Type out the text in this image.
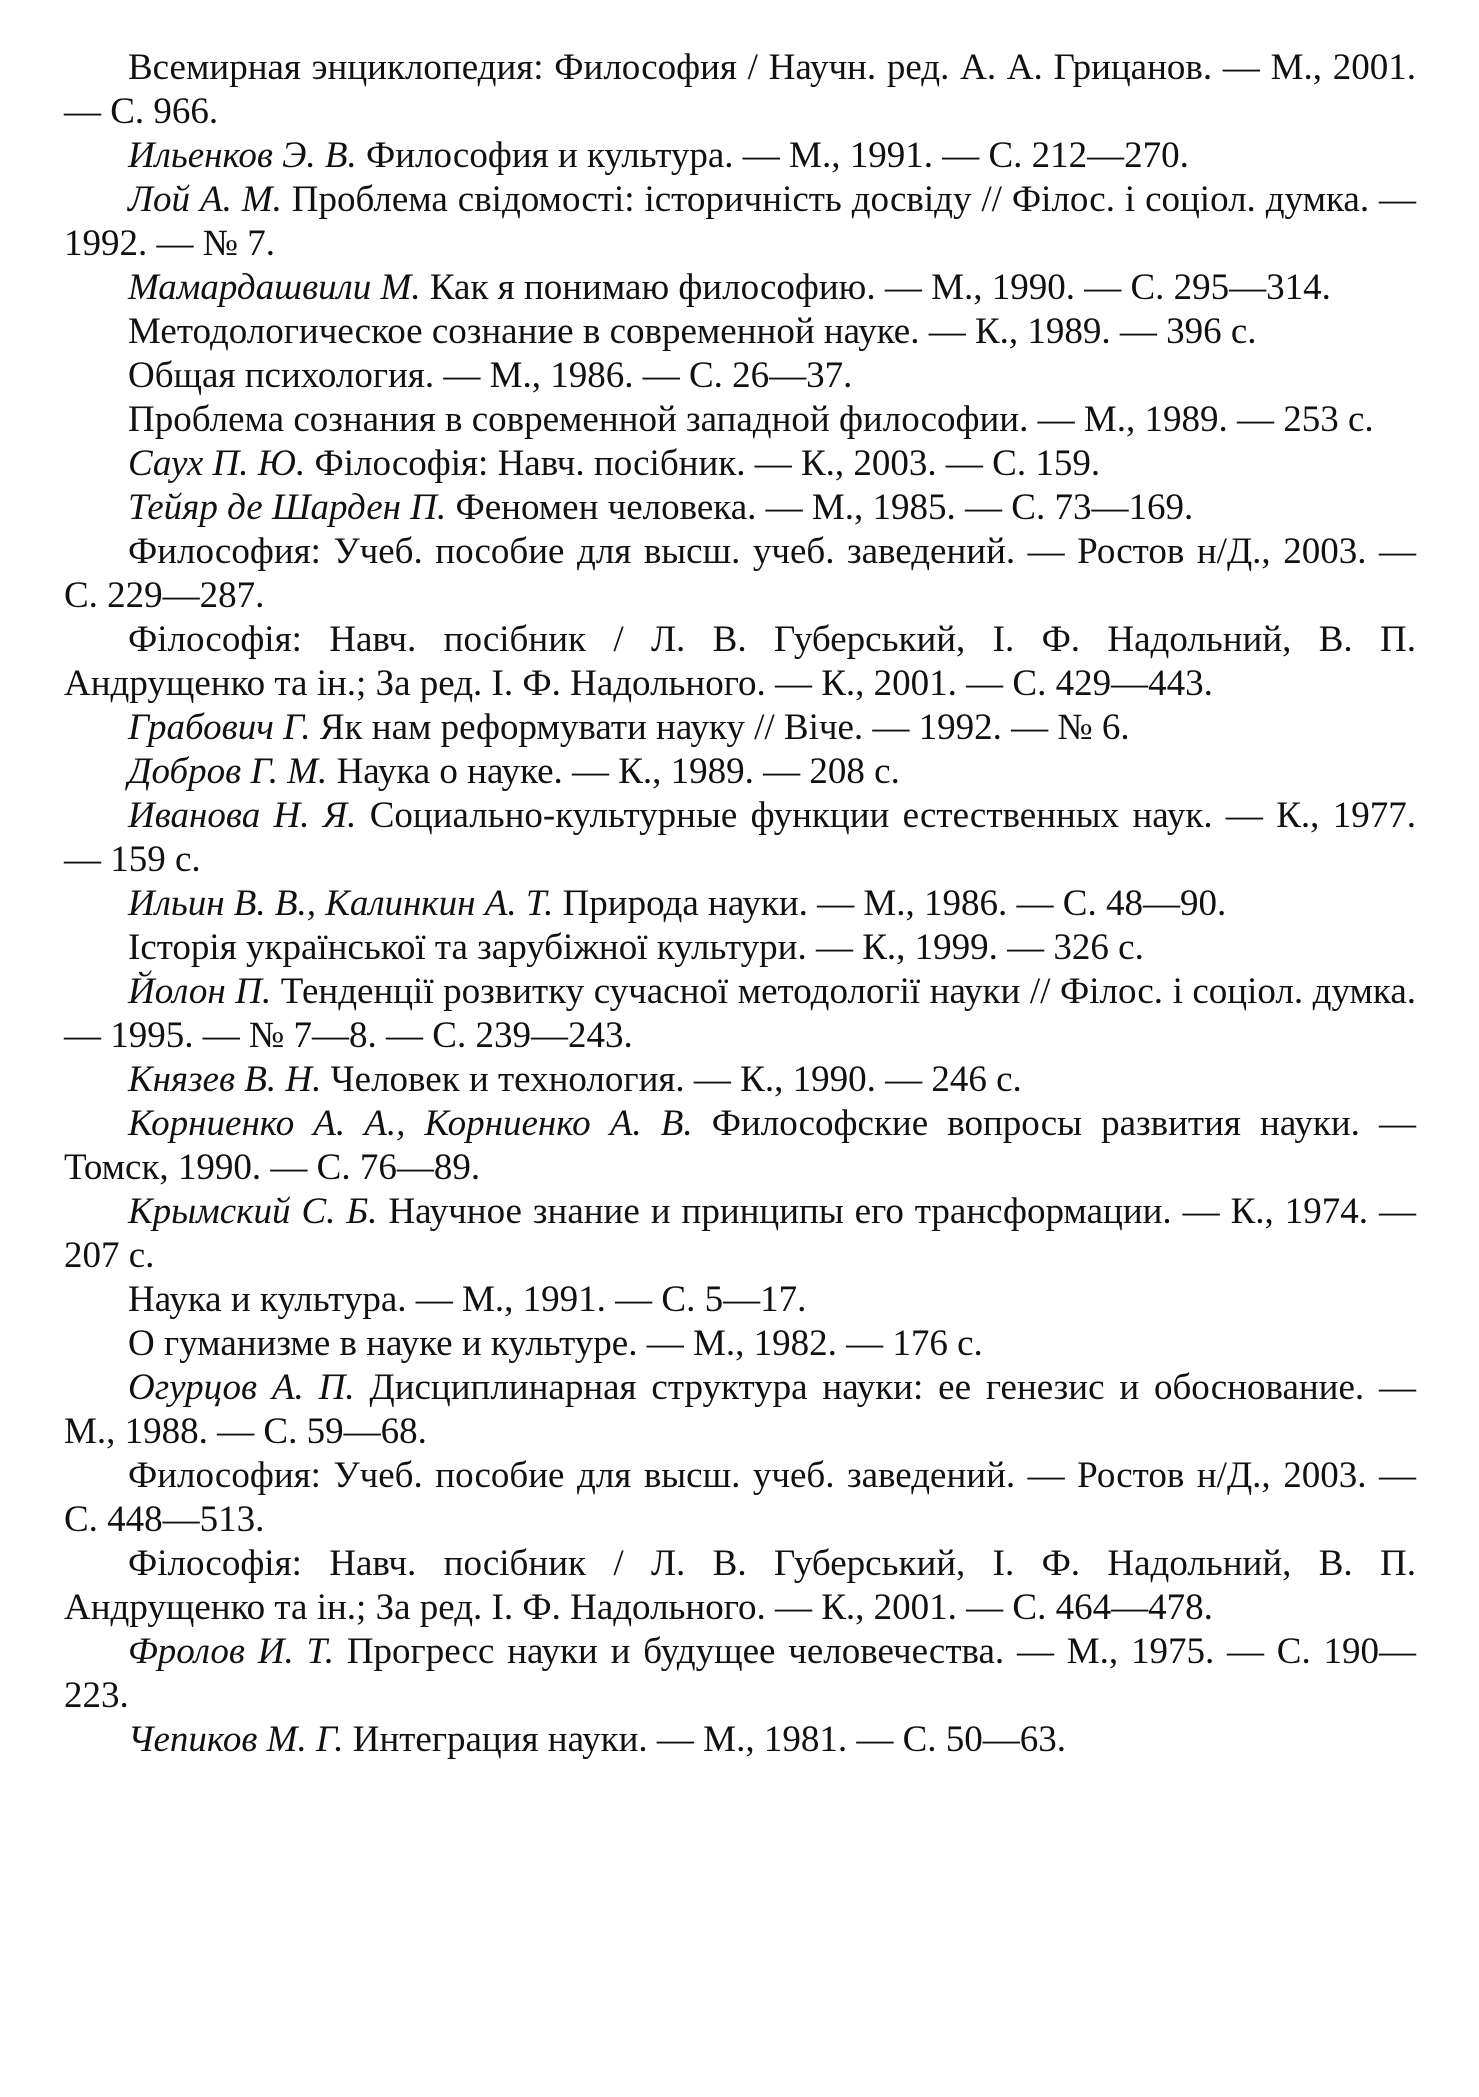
Всемирная энциклопедия: Философия / Научн. ред. А. А. Грицанов. — М., 2001. — С. 966.

Ильенков Э. В. Философия и культура. — М., 1991. — С. 212—270.

Лой А. М. Проблема свідомості: історичність досвіду // Філос. і соціол. думка. — 1992. — № 7.

Мамардашвили М. Как я понимаю философию. — М., 1990. — С. 295—314.

Методологическое сознание в современной науке. — К., 1989. — 396 с.

Общая психология. — М., 1986. — С. 26—37.

Проблема сознания в современной западной философии. — М., 1989. — 253 с.

Саух П. Ю. Філософія: Навч. посібник. — К., 2003. — С. 159.

Тейяр де Шарден П. Феномен человека. — М., 1985. — С. 73—169.

Философия: Учеб. пособие для высш. учеб. заведений. — Ростов н/Д., 2003. — С. 229—287.

Філософія: Навч. посібник / Л. В. Губерський, І. Ф. Надольний, В. П. Андрущенко та ін.; За ред. І. Ф. Надольного. — К., 2001. — С. 429—443.

Грабович Г. Як нам реформувати науку // Віче. — 1992. — № 6.

Добров Г. М. Наука о науке. — К., 1989. — 208 с.

Иванова Н. Я. Социально-культурные функции естественных наук. — К., 1977. — 159 с.

Ильин В. В., Калинкин А. Т. Природа науки. — М., 1986. — С. 48—90.

Історія української та зарубіжної культури. — К., 1999. — 326 с.

Йолон П. Тенденції розвитку сучасної методології науки // Філос. і соціол. думка. — 1995. — № 7—8. — С. 239—243.

Князев В. Н. Человек и технология. — К., 1990. — 246 с.

Корниенко А. А., Корниенко А. В. Философские вопросы развития науки. — Томск, 1990. — С. 76—89.

Крымский С. Б. Научное знание и принципы его трансформации. — К., 1974. — 207 с.

Наука и культура. — М., 1991. — С. 5—17.

О гуманизме в науке и культуре. — М., 1982. — 176 с.

Огурцов А. П. Дисциплинарная структура науки: ее генезис и обоснование. — М., 1988. — С. 59—68.

Философия: Учеб. пособие для высш. учеб. заведений. — Ростов н/Д., 2003. — С. 448—513.

Філософія: Навч. посібник / Л. В. Губерський, І. Ф. Надольний, В. П. Андрущенко та ін.; За ред. І. Ф. Надольного. — К., 2001. — С. 464—478.

Фролов И. Т. Прогресс науки и будущее человечества. — М., 1975. — С. 190—223.

Чепиков М. Г. Интеграция науки. — М., 1981. — С. 50—63.
